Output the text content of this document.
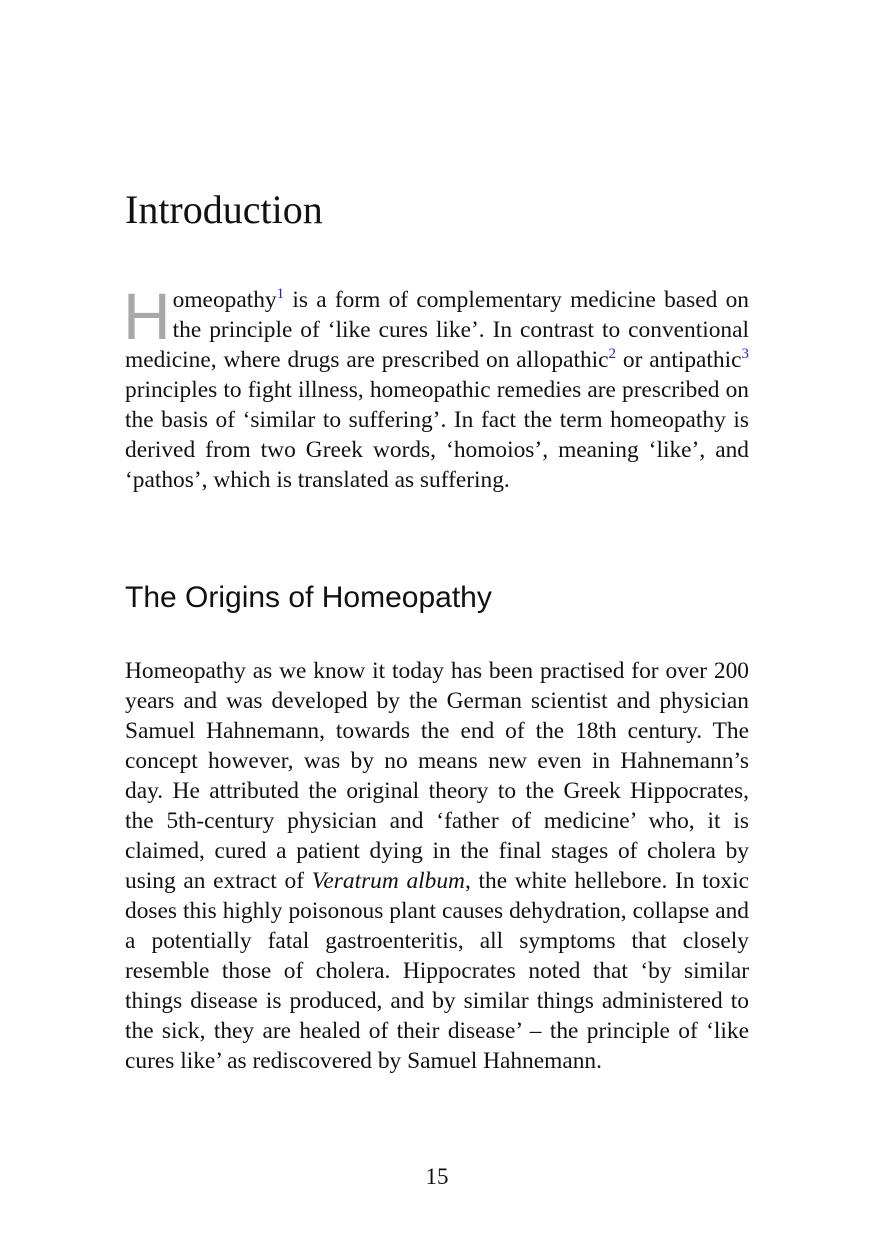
Introduction

Homeopathy$^1$ is a form of complementary medicine based on the principle of ‘like cures like’. In contrast to conventional medicine, where drugs are prescribed on allopathic$^2$ or antipathic$^3$ principles to fight illness, homeopathic remedies are prescribed on the basis of ‘similar to suffering’. In fact the term homeopathy is derived from two Greek words, ‘homoios’, meaning ‘like’, and ‘pathos’, which is translated as suffering.

The Origins of Homeopathy

Homeopathy as we know it today has been practised for over 200 years and was developed by the German scientist and physician Samuel Hahnemann, towards the end of the 18th century. The concept however, was by no means new even in Hahnemann’s day. He attributed the original theory to the Greek Hippocrates, the 5th-century physician and ‘father of medicine’ who, it is claimed, cured a patient dying in the final stages of cholera by using an extract of Veratrum album, the white hellebore. In toxic doses this highly poisonous plant causes dehydration, collapse and a potentially fatal gastroenteritis, all symptoms that closely resemble those of cholera. Hippocrates noted that ‘by similar things disease is produced, and by similar things administered to the sick, they are healed of their disease’ – the principle of ‘like cures like’ as rediscovered by Samuel Hahnemann.

15
